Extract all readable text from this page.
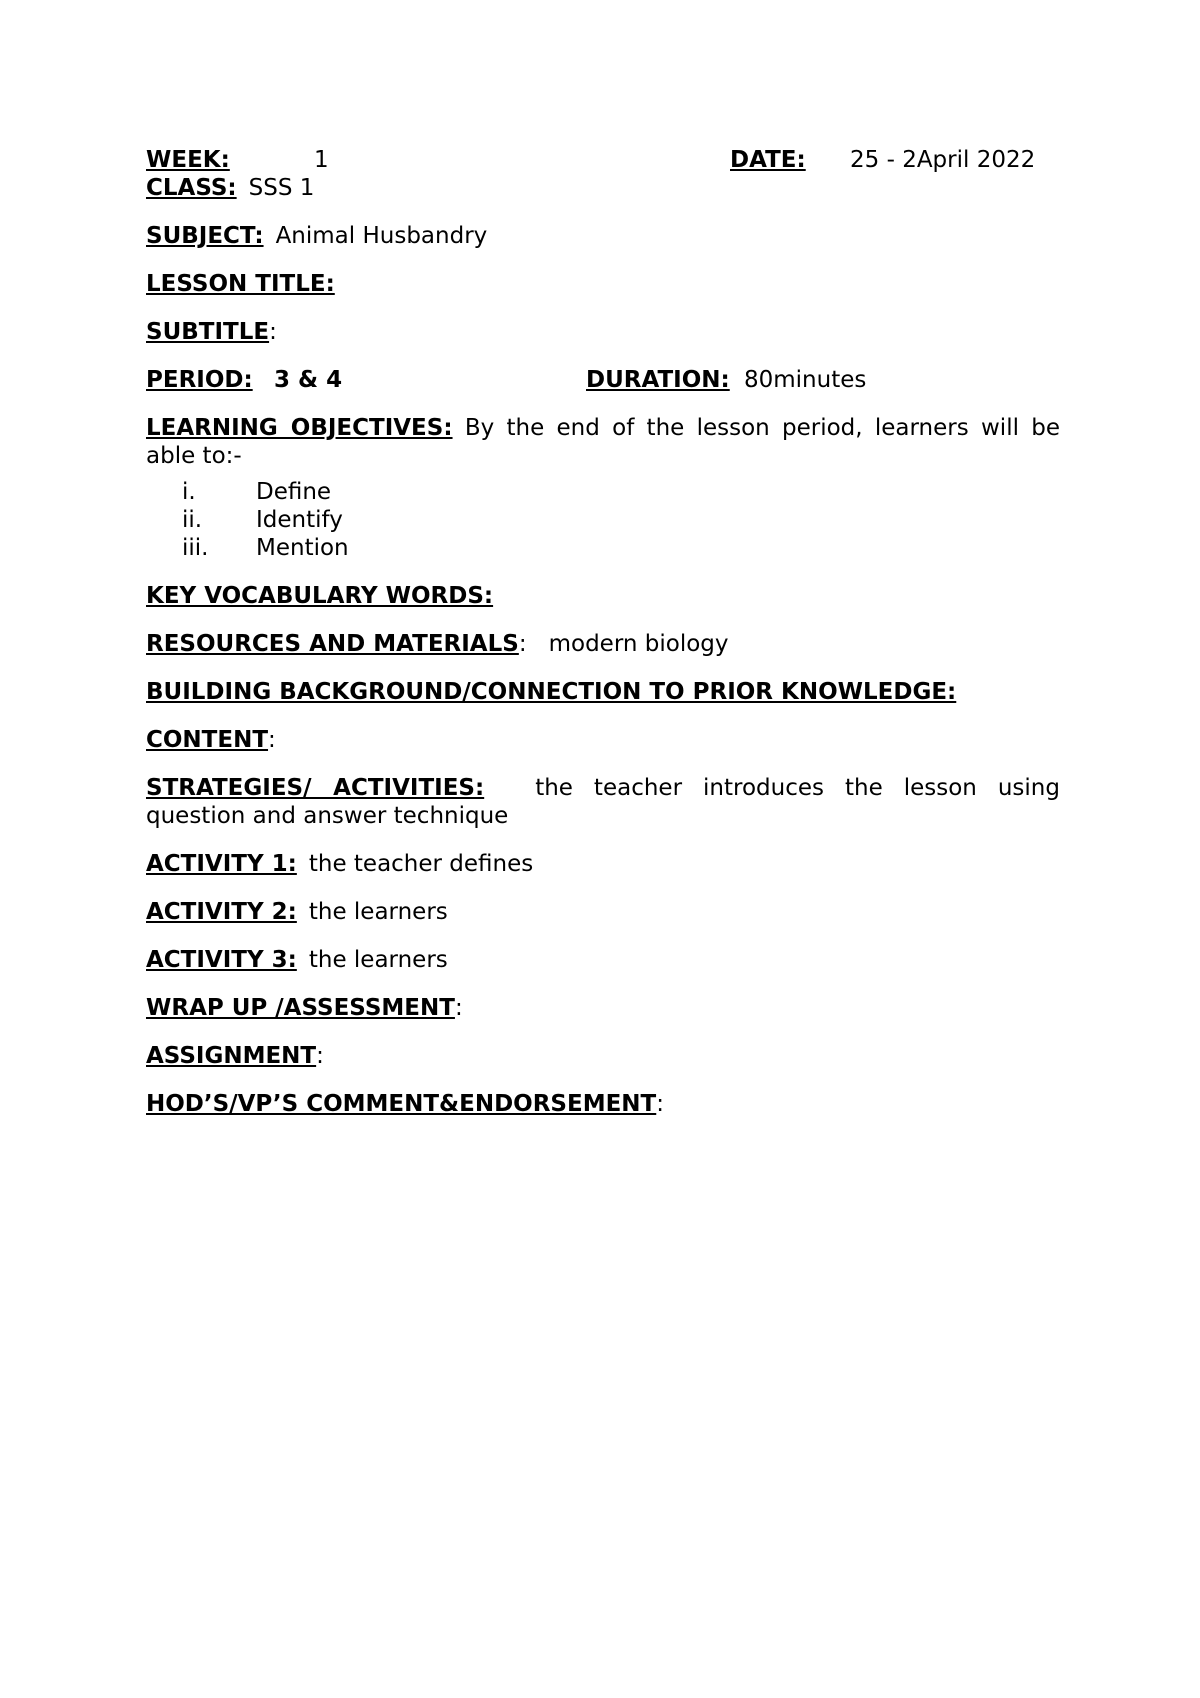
WEEK:	1	DATE: 25 - 2April 2022
CLASS: SSS 1
SUBJECT: Animal Husbandry
LESSON TITLE:
SUBTITLE:
PERIOD: 3 & 4	DURATION: 80minutes
LEARNING OBJECTIVES: By the end of the lesson period, learners will be able to:-
i.	Define
ii. Identify
iii. Mention
KEY VOCABULARY WORDS:
RESOURCES AND MATERIALS: modern biology
BUILDING BACKGROUND/CONNECTION TO PRIOR KNOWLEDGE:
CONTENT:
STRATEGIES/ ACTIVITIES: the teacher introduces the lesson using question and answer technique
ACTIVITY 1: the teacher defines
ACTIVITY 2: the learners
ACTIVITY 3: the learners
WRAP UP /ASSESSMENT:
ASSIGNMENT:
HOD’S/VP’S COMMENT&ENDORSEMENT:
